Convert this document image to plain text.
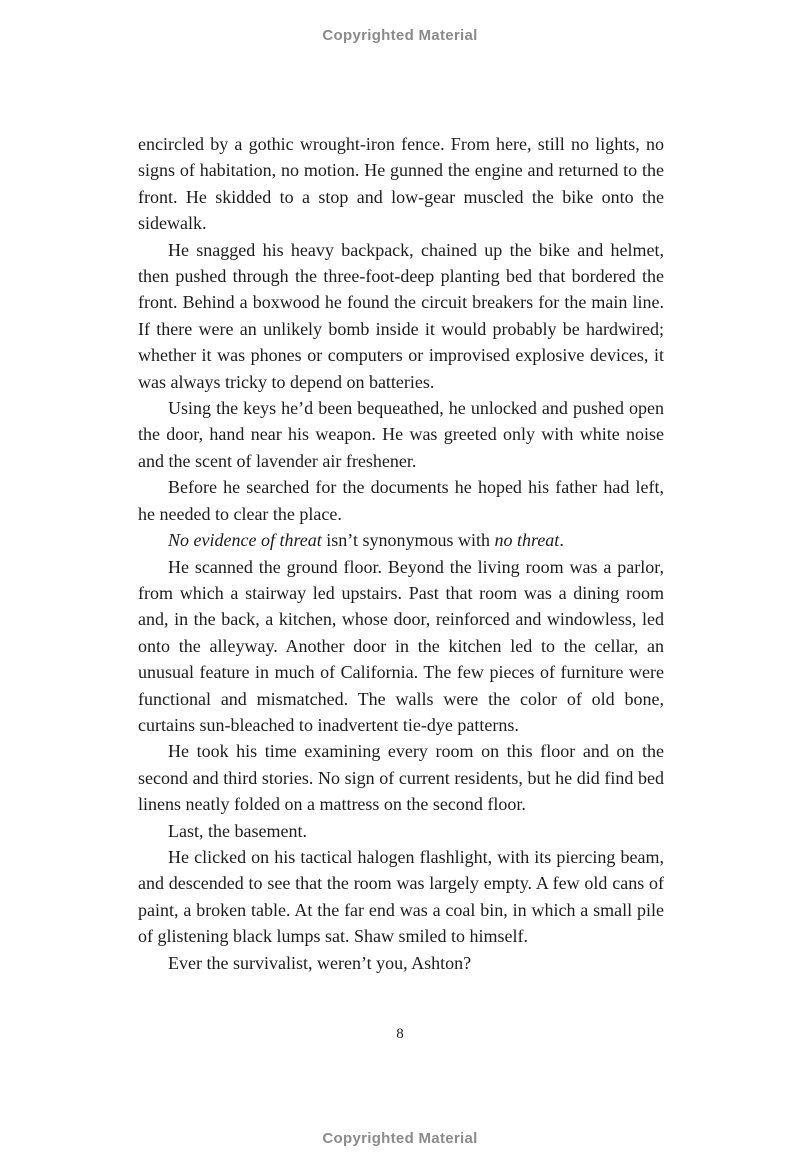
Copyrighted Material

encircled by a gothic wrought-iron fence. From here, still no lights, no signs of habitation, no motion. He gunned the engine and returned to the front. He skidded to a stop and low-gear muscled the bike onto the sidewalk.

He snagged his heavy backpack, chained up the bike and helmet, then pushed through the three-foot-deep planting bed that bordered the front. Behind a boxwood he found the circuit breakers for the main line. If there were an unlikely bomb inside it would probably be hardwired; whether it was phones or computers or improvised explosive devices, it was always tricky to depend on batteries.

Using the keys he’d been bequeathed, he unlocked and pushed open the door, hand near his weapon. He was greeted only with white noise and the scent of lavender air freshener.

Before he searched for the documents he hoped his father had left, he needed to clear the place.

No evidence of threat isn’t synonymous with no threat.

He scanned the ground floor. Beyond the living room was a parlor, from which a stairway led upstairs. Past that room was a dining room and, in the back, a kitchen, whose door, reinforced and windowless, led onto the alleyway. Another door in the kitchen led to the cellar, an unusual feature in much of California. The few pieces of furniture were functional and mismatched. The walls were the color of old bone, curtains sun-bleached to inadvertent tie-dye patterns.

He took his time examining every room on this floor and on the second and third stories. No sign of current residents, but he did find bed linens neatly folded on a mattress on the second floor.

Last, the basement.

He clicked on his tactical halogen flashlight, with its piercing beam, and descended to see that the room was largely empty. A few old cans of paint, a broken table. At the far end was a coal bin, in which a small pile of glistening black lumps sat. Shaw smiled to himself.

Ever the survivalist, weren’t you, Ashton?

8
Copyrighted Material
